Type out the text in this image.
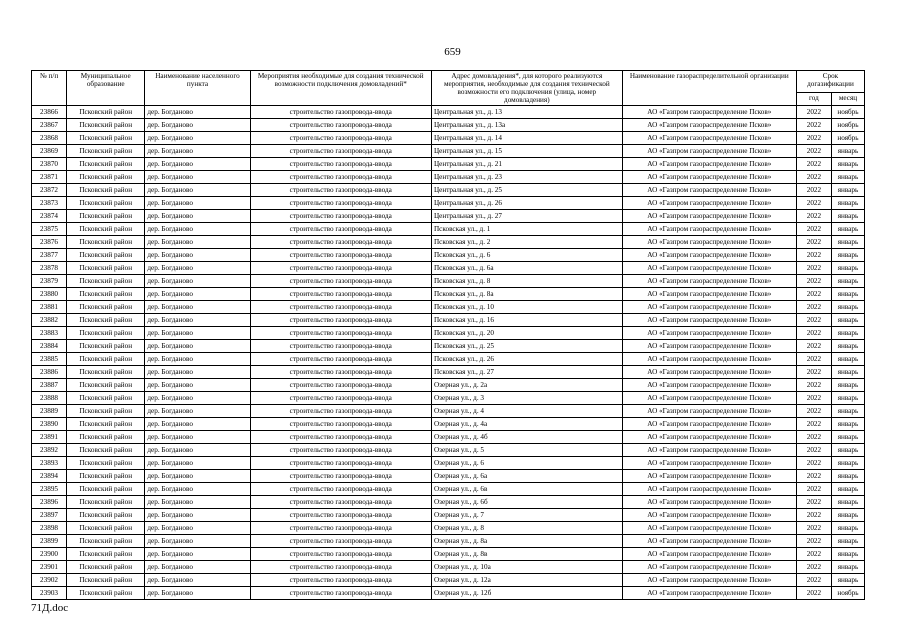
659
№ п/п	Муниципальное образование	Наименование населенного пункта	Мероприятия необходимые для создания технической возможности подключения домовладений*	Адрес домовладения*, для которого реализуются мероприятия, необходимые для создания технической возможности его подключения (улица, номер домовладения)	Наименование газораспределительной организации	Срок догазификации	
						год	месяц
23866	Псковский район	дер. Богданово	строительство газопровода-ввода	Центральная ул., д. 13	АО «Газпром газораспределение Псков»	2022	ноябрь
23867	Псковский район	дер. Богданово	строительство газопровода-ввода	Центральная ул., д. 13а	АО «Газпром газораспределение Псков»	2022	ноябрь
23868	Псковский район	дер. Богданово	строительство газопровода-ввода	Центральная ул., д. 14	АО «Газпром газораспределение Псков»	2022	ноябрь
23869	Псковский район	дер. Богданово	строительство газопровода-ввода	Центральная ул., д. 15	АО «Газпром газораспределение Псков»	2022	январь
23870	Псковский район	дер. Богданово	строительство газопровода-ввода	Центральная ул., д. 21	АО «Газпром газораспределение Псков»	2022	январь
23871	Псковский район	дер. Богданово	строительство газопровода-ввода	Центральная ул., д. 23	АО «Газпром газораспределение Псков»	2022	январь
23872	Псковский район	дер. Богданово	строительство газопровода-ввода	Центральная ул., д. 25	АО «Газпром газораспределение Псков»	2022	январь
23873	Псковский район	дер. Богданово	строительство газопровода-ввода	Центральная ул., д. 26	АО «Газпром газораспределение Псков»	2022	январь
23874	Псковский район	дер. Богданово	строительство газопровода-ввода	Центральная ул., д. 27	АО «Газпром газораспределение Псков»	2022	январь
23875	Псковский район	дер. Богданово	строительство газопровода-ввода	Псковская ул., д. 1	АО «Газпром газораспределение Псков»	2022	январь
23876	Псковский район	дер. Богданово	строительство газопровода-ввода	Псковская ул., д. 2	АО «Газпром газораспределение Псков»	2022	январь
23877	Псковский район	дер. Богданово	строительство газопровода-ввода	Псковская ул., д. 6	АО «Газпром газораспределение Псков»	2022	январь
23878	Псковский район	дер. Богданово	строительство газопровода-ввода	Псковская ул., д. 6а	АО «Газпром газораспределение Псков»	2022	январь
23879	Псковский район	дер. Богданово	строительство газопровода-ввода	Псковская ул., д. 8	АО «Газпром газораспределение Псков»	2022	январь
23880	Псковский район	дер. Богданово	строительство газопровода-ввода	Псковская ул., д. 8а	АО «Газпром газораспределение Псков»	2022	январь
23881	Псковский район	дер. Богданово	строительство газопровода-ввода	Псковская ул., д. 10	АО «Газпром газораспределение Псков»	2022	январь
23882	Псковский район	дер. Богданово	строительство газопровода-ввода	Псковская ул., д. 16	АО «Газпром газораспределение Псков»	2022	январь
23883	Псковский район	дер. Богданово	строительство газопровода-ввода	Псковская ул., д. 20	АО «Газпром газораспределение Псков»	2022	январь
23884	Псковский район	дер. Богданово	строительство газопровода-ввода	Псковская ул., д. 25	АО «Газпром газораспределение Псков»	2022	январь
23885	Псковский район	дер. Богданово	строительство газопровода-ввода	Псковская ул., д. 26	АО «Газпром газораспределение Псков»	2022	январь
23886	Псковский район	дер. Богданово	строительство газопровода-ввода	Псковская ул., д. 27	АО «Газпром газораспределение Псков»	2022	январь
23887	Псковский район	дер. Богданово	строительство газопровода-ввода	Озерная ул., д. 2а	АО «Газпром газораспределение Псков»	2022	январь
23888	Псковский район	дер. Богданово	строительство газопровода-ввода	Озерная ул., д. 3	АО «Газпром газораспределение Псков»	2022	январь
23889	Псковский район	дер. Богданово	строительство газопровода-ввода	Озерная ул., д. 4	АО «Газпром газораспределение Псков»	2022	январь
23890	Псковский район	дер. Богданово	строительство газопровода-ввода	Озерная ул., д. 4а	АО «Газпром газораспределение Псков»	2022	январь
23891	Псковский район	дер. Богданово	строительство газопровода-ввода	Озерная ул., д. 4б	АО «Газпром газораспределение Псков»	2022	январь
23892	Псковский район	дер. Богданово	строительство газопровода-ввода	Озерная ул., д. 5	АО «Газпром газораспределение Псков»	2022	январь
23893	Псковский район	дер. Богданово	строительство газопровода-ввода	Озерная ул., д. 6	АО «Газпром газораспределение Псков»	2022	январь
23894	Псковский район	дер. Богданово	строительство газопровода-ввода	Озерная ул., д. 6а	АО «Газпром газораспределение Псков»	2022	январь
23895	Псковский район	дер. Богданово	строительство газопровода-ввода	Озерная ул., д. 6в	АО «Газпром газораспределение Псков»	2022	январь
23896	Псковский район	дер. Богданово	строительство газопровода-ввода	Озерная ул., д. 6б	АО «Газпром газораспределение Псков»	2022	январь
23897	Псковский район	дер. Богданово	строительство газопровода-ввода	Озерная ул., д. 7	АО «Газпром газораспределение Псков»	2022	январь
23898	Псковский район	дер. Богданово	строительство газопровода-ввода	Озерная ул., д. 8	АО «Газпром газораспределение Псков»	2022	январь
23899	Псковский район	дер. Богданово	строительство газопровода-ввода	Озерная ул., д. 8а	АО «Газпром газораспределение Псков»	2022	январь
23900	Псковский район	дер. Богданово	строительство газопровода-ввода	Озерная ул., д. 8в	АО «Газпром газораспределение Псков»	2022	январь
23901	Псковский район	дер. Богданово	строительство газопровода-ввода	Озерная ул., д. 10а	АО «Газпром газораспределение Псков»	2022	январь
23902	Псковский район	дер. Богданово	строительство газопровода-ввода	Озерная ул., д. 12а	АО «Газпром газораспределение Псков»	2022	январь
23903	Псковский район	дер. Богданово	строительство газопровода-ввода	Озерная ул., д. 12б	АО «Газпром газораспределение Псков»	2022	ноябрь
71Д.doc
